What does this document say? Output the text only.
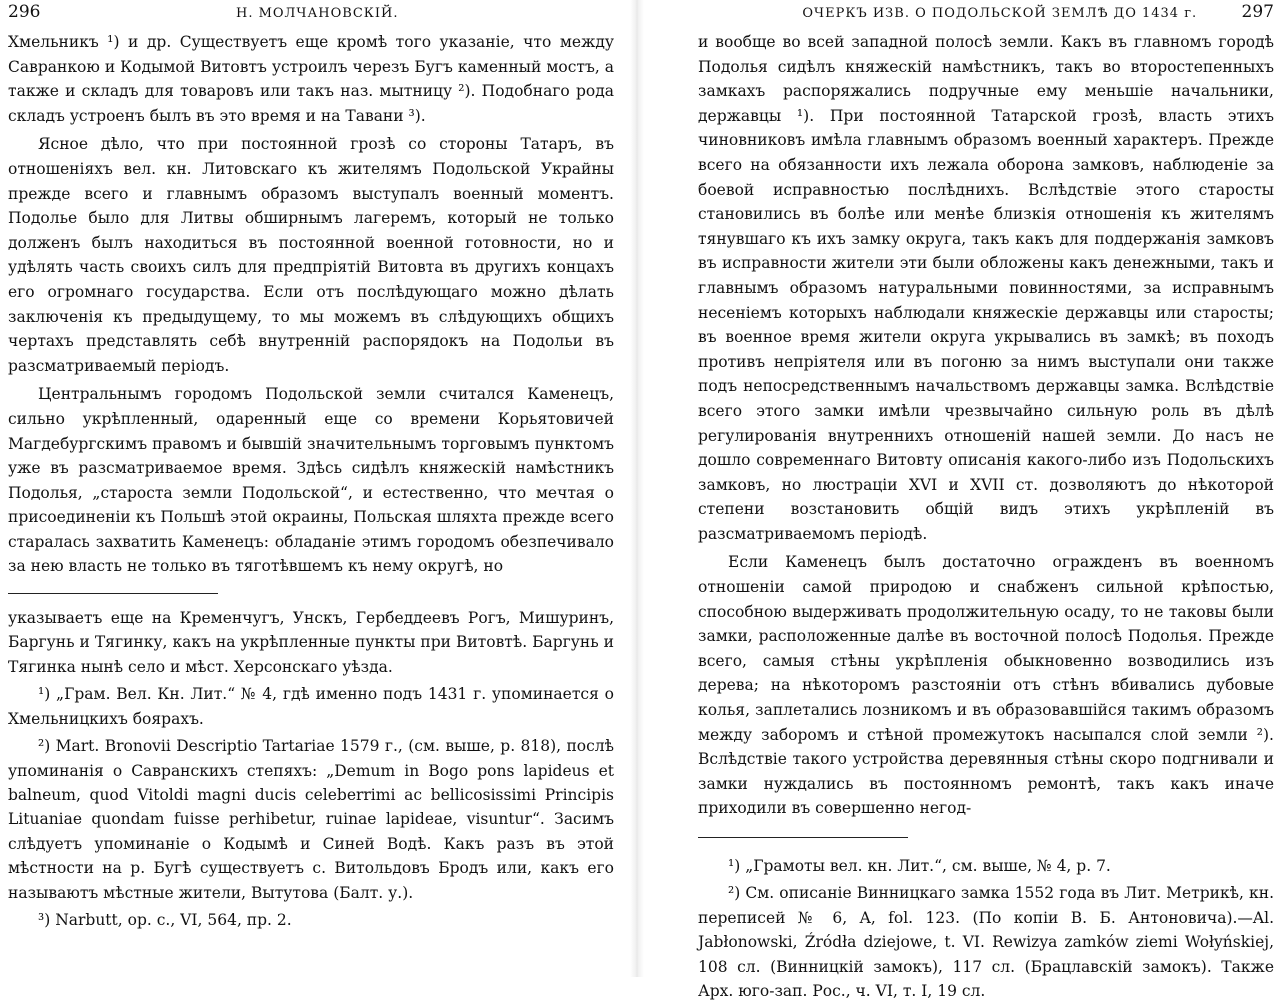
296	Н. МОЛЧАНОВСКІЙ.

Хмельникъ ¹) и др. Существуетъ еще кромѣ того указаніе, что между Савранкою и Кодымой Витовтъ устроилъ черезъ Бугъ каменный мостъ, а также и складъ для товаровъ или такъ наз. мытницу ²). Подобнаго рода складъ устроенъ былъ въ это время и на Тавани ³).

Ясное дѣло, что при постоянной грозѣ со стороны Татаръ, въ отношеніяхъ вел. кн. Литовскаго къ жителямъ Подольской Украйны прежде всего и главнымъ образомъ выступалъ военный моментъ. Подолье было для Литвы обширнымъ лагеремъ, который не только долженъ былъ находиться въ постоянной военной готовности, но и удѣлять часть своихъ силъ для предпріятій Витовта въ другихъ концахъ его огромнаго государства. Если отъ послѣдующаго можно дѣлать заключенія къ предыдущему, то мы можемъ въ слѣдующихъ общихъ чертахъ представлять себѣ внутренній распорядокъ на Подольи въ разсматриваемый періодъ.

Центральнымъ городомъ Подольской земли считался Каменецъ, сильно укрѣпленный, одаренный еще со времени Корьятовичей Магдебургскимъ правомъ и бывшій значительнымъ торговымъ пунктомъ уже въ разсматриваемое время. Здѣсь сидѣлъ княжескій намѣстникъ Подолья, „староста земли Подольской“, и естественно, что мечтая о присоединеніи къ Польшѣ этой окраины, Польская шляхта прежде всего старалась захватить Каменецъ: обладаніе этимъ городомъ обезпечивало за нею власть не только въ тяготѣвшемъ къ нему округѣ, но

указываетъ еще на Кременчугъ, Унскъ, Гербеддеевъ Рогъ, Мишуринъ, Баргунь и Тягинку, какъ на укрѣпленные пункты при Витовтѣ. Баргунь и Тягинка нынѣ село и мѣст. Херсонскаго уѣзда.

¹) „Грам. Вел. Кн. Лит.“ № 4, гдѣ именно подъ 1431 г. упоминается о Хмельницкихъ боярахъ.

²) Mart. Bronovii Descriptio Tartariae 1579 г., (см. выше, р. 818), послѣ упоминанія о Савранскихъ степяхъ: „Demum in Bogo pons lapideus et balneum, quod Vitoldi magni ducis celeberrimi ac bellicosissimi Principis Lituaniae quondam fuisse perhibetur, ruinae lapideae, visuntur“. Засимъ слѣдуетъ упоминаніе о Кодымѣ и Синей Водѣ. Какъ разъ въ этой мѣстности на р. Бугѣ существуетъ с. Витольдовъ Бродъ или, какъ его называютъ мѣстные жители, Вытутова (Балт. у.).

³) Narbutt, op. c., VI, 564, пр. 2.

ОЧЕРКЪ ИЗВ. О ПОДОЛЬСКОЙ ЗЕМЛѢ ДО 1434 г.	297

и вообще во всей западной полосѣ земли. Какъ въ главномъ городѣ Подолья сидѣлъ княжескій намѣстникъ, такъ во второстепенныхъ замкахъ распоряжались подручные ему меньшіе начальники, державцы ¹). При постоянной Татарской грозѣ, власть этихъ чиновниковъ имѣла главнымъ образомъ военный характеръ. Прежде всего на обязанности ихъ лежала оборона замковъ, наблюденіе за боевой исправностью послѣднихъ. Вслѣдствіе этого старосты становились въ болѣе или менѣе близкія отношенія къ жителямъ тянувшаго къ ихъ замку округа, такъ какъ для поддержанія замковъ въ исправности жители эти были обложены какъ денежными, такъ и главнымъ образомъ натуральными повинностями, за исправнымъ несеніемъ которыхъ наблюдали княжескіе державцы или старосты; въ военное время жители округа укрывались въ замкѣ; въ походъ противъ непріятеля или въ погоню за нимъ выступали они также подъ непосредственнымъ начальствомъ державцы замка. Вслѣдствіе всего этого замки имѣли чрезвычайно сильную роль въ дѣлѣ регулированія внутреннихъ отношеній нашей земли. До насъ не дошло современнаго Витовту описанія какого-либо изъ Подольскихъ замковъ, но люстраціи XVI и XVII ст. дозволяютъ до нѣкоторой степени возстановить общій видъ этихъ укрѣпленій въ разсматриваемомъ періодѣ.

Если Каменецъ былъ достаточно огражденъ въ военномъ отношеніи самой природою и снабженъ сильной крѣпостью, способною выдерживать продолжительную осаду, то не таковы были замки, расположенные далѣе въ восточной полосѣ Подолья. Прежде всего, самыя стѣны укрѣпленія обыкновенно возводились изъ дерева; на нѣкоторомъ разстояніи отъ стѣнъ вбивались дубовые колья, заплетались лозникомъ и въ образовавшійся такимъ образомъ между заборомъ и стѣной промежутокъ насыпался слой земли ²). Вслѣдствіе такого устройства деревянныя стѣны скоро подгнивали и замки нуждались въ постоянномъ ремонтѣ, такъ какъ иначе приходили въ совершенно негод-

¹) „Грамоты вел. кн. Лит.“, см. выше, № 4, р. 7.

²) См. описаніе Винницкаго замка 1552 года въ Лит. Метрикѣ, кн. переписей № 6, A, fol. 123. (По копіи В. Б. Антоновича).—Al. Jabłonowski, Źródła dziejowe, t. VI. Rewizya zamków ziemi Wołyńskiej, 108 сл. (Винницкій замокъ), 117 сл. (Брацлавскій замокъ). Также Арх. юго-зап. Рос., ч. VI, т. I, 19 сл.
